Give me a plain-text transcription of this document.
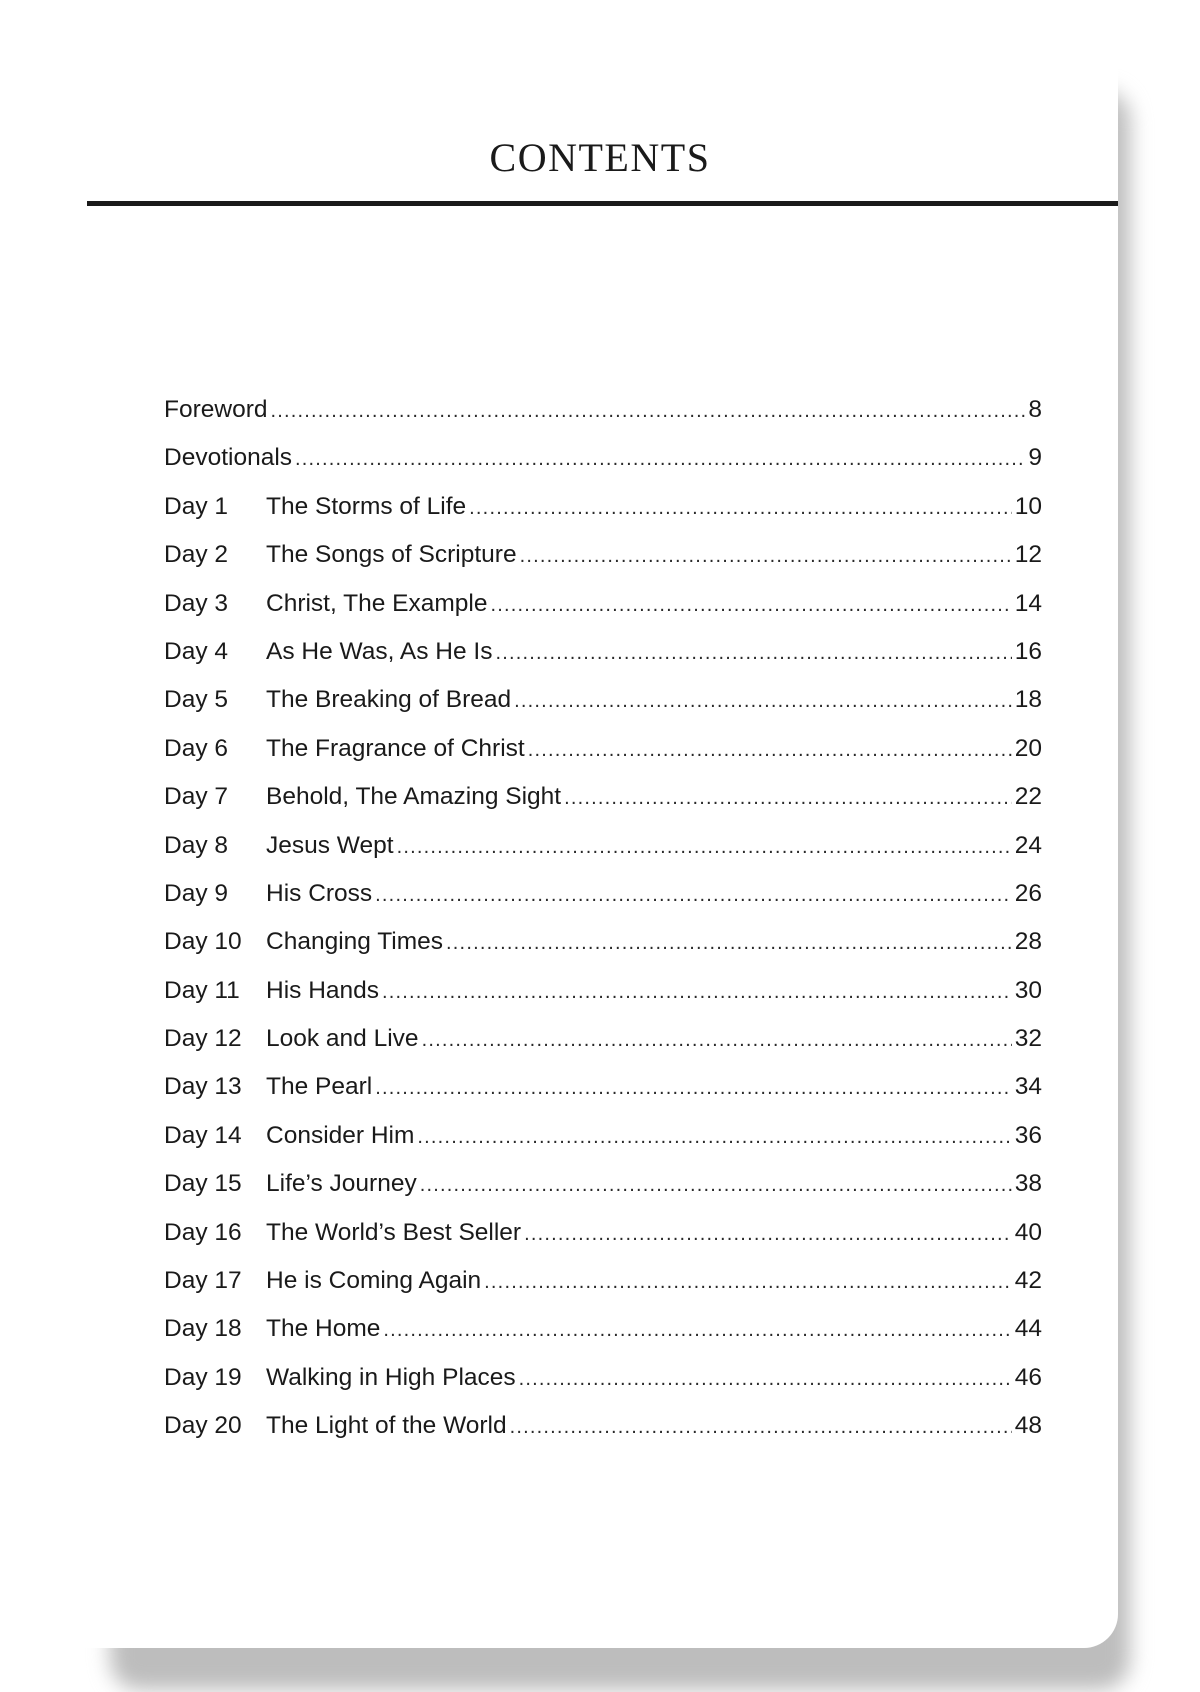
CONTENTS
Foreword .....	8
Devotionals .....	9
Day 1	The Storms of Life .....	10
Day 2	The Songs of Scripture .....	12
Day 3	Christ, The Example .....	14
Day 4	As He Was, As He Is .....	16
Day 5	The Breaking of Bread .....	18
Day 6	The Fragrance of Christ .....	20
Day 7	Behold, The Amazing Sight .....	22
Day 8	Jesus Wept .....	24
Day 9	His Cross .....	26
Day 10 Changing Times .....	28
Day 11	His Hands .....	30
Day 12 Look and Live .....	32
Day 13 The Pearl .....	34
Day 14 Consider Him .....	36
Day 15 Life’s Journey .....	38
Day 16 The World’s Best Seller .....	40
Day 17 He is Coming Again .....	42
Day 18 The Home .....	44
Day 19 Walking in High Places .....	46
Day 20 The Light of the World .....	48
